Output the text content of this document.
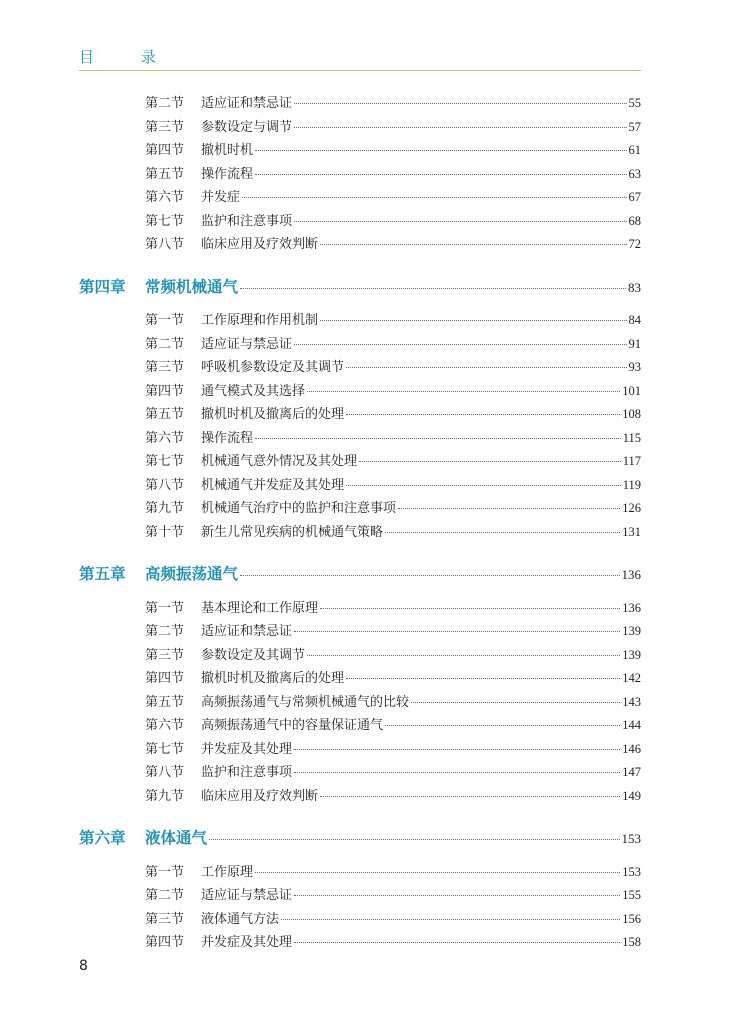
目 录
第二节	适应证和禁忌证	55
第三节	参数设定与调节	57
第四节	撤机时机	61
第五节	操作流程	63
第六节	并发症	67
第七节	监护和注意事项	68
第八节	临床应用及疗效判断	72
第四章	常频机械通气	83
第一节	工作原理和作用机制	84
第二节	适应证与禁忌证	91
第三节	呼吸机参数设定及其调节	93
第四节	通气模式及其选择	101
第五节	撤机时机及撤离后的处理	108
第六节	操作流程	115
第七节	机械通气意外情况及其处理	117
第八节	机械通气并发症及其处理	119
第九节	机械通气治疗中的监护和注意事项	126
第十节	新生儿常见疾病的机械通气策略	131
第五章	高频振荡通气	136
第一节	基本理论和工作原理	136
第二节	适应证和禁忌证	139
第三节	参数设定及其调节	139
第四节	撤机时机及撤离后的处理	142
第五节	高频振荡通气与常频机械通气的比较	143
第六节	高频振荡通气中的容量保证通气	144
第七节	并发症及其处理	146
第八节	监护和注意事项	147
第九节	临床应用及疗效判断	149
第六章	液体通气	153
第一节	工作原理	153
第二节	适应证与禁忌证	155
第三节	液体通气方法	156
第四节	并发症及其处理	158
8
